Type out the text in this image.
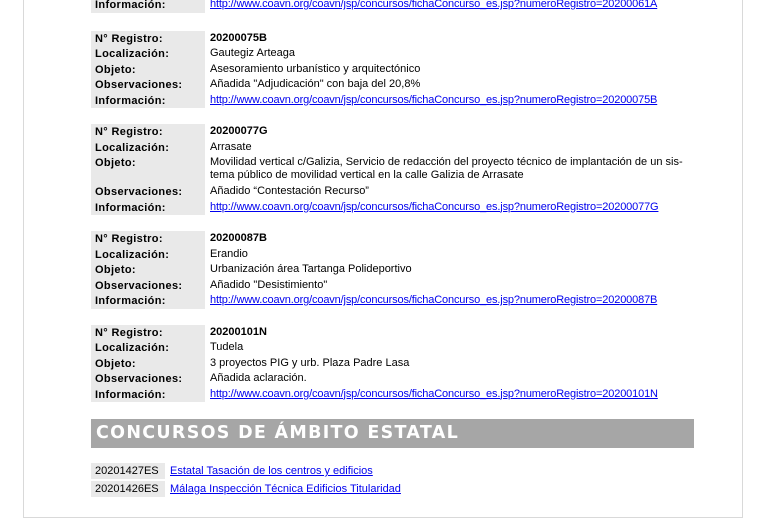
Información:	http://www.coavn.org/coavn/jsp/concursos/fichaConcurso_es.jsp?numeroRegistro=20200061A
N° Registro:	20200075B
Localización:	Gautegiz Arteaga
Objeto:	Asesoramiento urbanístico y arquitectónico
Observaciones:	Añadida "Adjudicación" con baja del 20,8%
Información:	http://www.coavn.org/coavn/jsp/concursos/fichaConcurso_es.jsp?numeroRegistro=20200075B
N° Registro:	20200077G
Localización:	Arrasate
Objeto:	Movilidad vertical c/Galizia, Servicio de redacción del proyecto técnico de implantación de un sis-
tema público de movilidad vertical en la calle Galizia de Arrasate
Observaciones:	Añadido “Contestación Recurso”
Información:	http://www.coavn.org/coavn/jsp/concursos/fichaConcurso_es.jsp?numeroRegistro=20200077G
N° Registro:	20200087B
Localización:	Erandio
Objeto:	Urbanización área Tartanga Polideportivo
Observaciones:	Añadido "Desistimiento"
Información:	http://www.coavn.org/coavn/jsp/concursos/fichaConcurso_es.jsp?numeroRegistro=20200087B
N° Registro:	20200101N
Localización:	Tudela
Objeto:	3 proyectos PIG y urb. Plaza Padre Lasa
Observaciones:	Añadida aclaración.
Información:	http://www.coavn.org/coavn/jsp/concursos/fichaConcurso_es.jsp?numeroRegistro=20200101N
CONCURSOS DE ÁMBITO ESTATAL
20201427ES	Estatal Tasación de los centros y edificios
20201426ES	Málaga Inspección Técnica Edificios Titularidad
